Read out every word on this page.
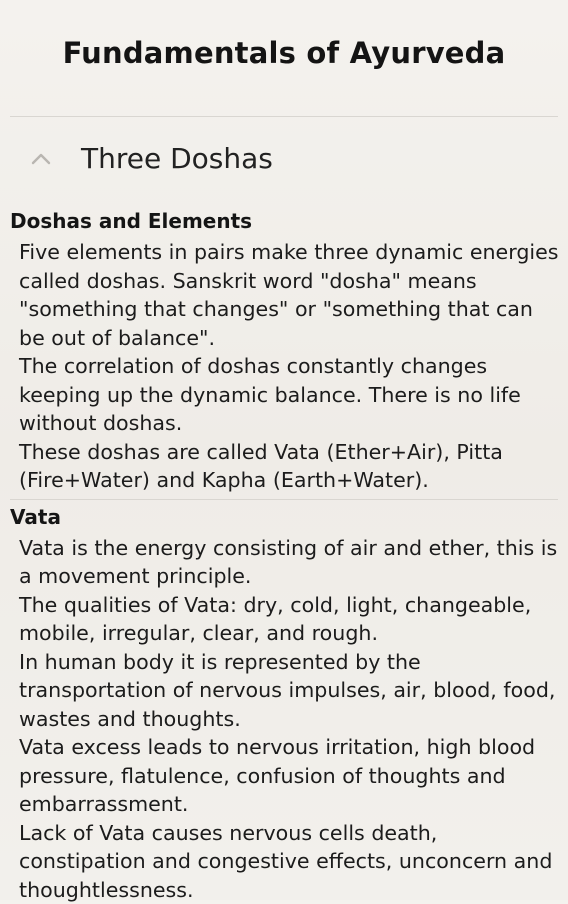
Fundamentals of Ayurveda
Three Doshas
Doshas and Elements
Five elements in pairs make three dynamic energies called doshas. Sanskrit word "dosha" means "something that changes" or "something that can be out of balance".
The correlation of doshas constantly changes keeping up the dynamic balance. There is no life without doshas.
These doshas are called Vata (Ether+Air), Pitta (Fire+Water) and Kapha (Earth+Water).
Vata
Vata is the energy consisting of air and ether, this is a movement principle.
The qualities of Vata: dry, cold, light, changeable, mobile, irregular, clear, and rough.
In human body it is represented by the transportation of nervous impulses, air, blood, food, wastes and thoughts.
Vata excess leads to nervous irritation, high blood pressure, flatulence, confusion of thoughts and embarrassment.
Lack of Vata causes nervous cells death, constipation and congestive effects, unconcern and thoughtlessness.
